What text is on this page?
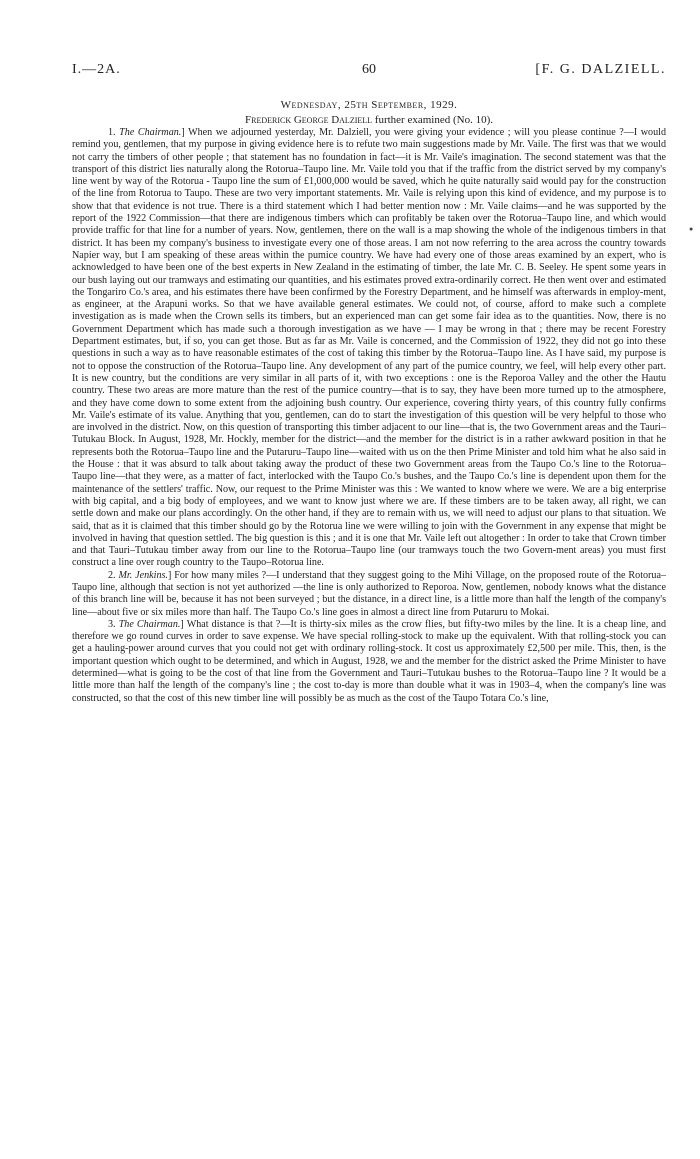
I.—2A.	60	[F. G. DALZIELL.
Wednesday, 25th September, 1929.
Frederick George Dalziell further examined (No. 10).

1. The Chairman.] When we adjourned yesterday, Mr. Dalziell, you were giving your evidence ; will you please continue ?—I would remind you, gentlemen, that my purpose in giving evidence here is to refute two main suggestions made by Mr. Vaile. The first was that we would not carry the timbers of other people ; that statement has no foundation in fact—it is Mr. Vaile's imagination. The second statement was that the transport of this district lies naturally along the Rotorua–Taupo line. Mr. Vaile told you that if the traffic from the district served by my company's line went by way of the Rotorua - Taupo line the sum of £1,000,000 would be saved, which he quite naturally said would pay for the construction of the line from Rotorua to Taupo. These are two very important statements. Mr. Vaile is relying upon this kind of evidence, and my purpose is to show that that evidence is not true. There is a third statement which I had better mention now : Mr. Vaile claims—and he was supported by the report of the 1922 Commission—that there are indigenous timbers which can profitably be taken over the Rotorua–Taupo line, and which would provide traffic for that line for a number of years. Now, gentlemen, there on the wall is a map showing the whole of the indigenous timbers in that district. It has been my company's business to investigate every one of those areas. I am not now referring to the area across the country towards Napier way, but I am speaking of these areas within the pumice country. We have had every one of those areas examined by an expert, who is acknowledged to have been one of the best experts in New Zealand in the estimating of timber, the late Mr. C. B. Seeley. He spent some years in our bush laying out our tramways and estimating our quantities, and his estimates proved extra-ordinarily correct. He then went over and estimated the Tongariro Co.'s area, and his estimates there have been confirmed by the Forestry Department, and he himself was afterwards in employ-ment, as engineer, at the Arapuni works. So that we have available general estimates. We could not, of course, afford to make such a complete investigation as is made when the Crown sells its timbers, but an experienced man can get some fair idea as to the quantities. Now, there is no Government Department which has made such a thorough investigation as we have — I may be wrong in that ; there may be recent Forestry Department estimates, but, if so, you can get those. But as far as Mr. Vaile is concerned, and the Commission of 1922, they did not go into these questions in such a way as to have reasonable estimates of the cost of taking this timber by the Rotorua–Taupo line. As I have said, my purpose is not to oppose the construction of the Rotorua–Taupo line. Any development of any part of the pumice country, we feel, will help every other part. It is new country, but the conditions are very similar in all parts of it, with two exceptions : one is the Reporoa Valley and the other the Hautu country. These two areas are more mature than the rest of the pumice country—that is to say, they have been more turned up to the atmosphere, and they have come down to some extent from the adjoining bush country. Our experience, covering thirty years, of this country fully confirms Mr. Vaile's estimate of its value. Anything that you, gentlemen, can do to start the investigation of this question will be very helpful to those who are involved in the district. Now, on this question of transporting this timber adjacent to our line—that is, the two Government areas and the Tauri–Tutukau Block. In August, 1928, Mr. Hockly, member for the district—and the member for the district is in a rather awkward position in that he represents both the Rotorua–Taupo line and the Putaruru–Taupo line—waited with us on the then Prime Minister and told him what he also said in the House : that it was absurd to talk about taking away the product of these two Government areas from the Taupo Co.'s line to the Rotorua–Taupo line—that they were, as a matter of fact, interlocked with the Taupo Co.'s bushes, and the Taupo Co.'s line is dependent upon them for the maintenance of the settlers' traffic. Now, our request to the Prime Minister was this : We wanted to know where we were. We are a big enterprise with big capital, and a big body of employees, and we want to know just where we are. If these timbers are to be taken away, all right, we can settle down and make our plans accordingly. On the other hand, if they are to remain with us, we will need to adjust our plans to that situation. We said, that as it is claimed that this timber should go by the Rotorua line we were willing to join with the Government in any expense that might be involved in having that question settled. The big question is this ; and it is one that Mr. Vaile left out altogether : In order to take that Crown timber and that Tauri–Tutukau timber away from our line to the Rotorua–Taupo line (our tramways touch the two Govern-ment areas) you must first construct a line over rough country to the Taupo–Rotorua line.

2. Mr. Jenkins.] For how many miles ?—I understand that they suggest going to the Mihi Village, on the proposed route of the Rotorua–Taupo line, although that section is not yet authorized —the line is only authorized to Reporoa. Now, gentlemen, nobody knows what the distance of this branch line will be, because it has not been surveyed ; but the distance, in a direct line, is a little more than half the length of the company's line—about five or six miles more than half. The Taupo Co.'s line goes in almost a direct line from Putaruru to Mokai.

3. The Chairman.] What distance is that ?—It is thirty-six miles as the crow flies, but fifty-two miles by the line. It is a cheap line, and therefore we go round curves in order to save expense. We have special rolling-stock to make up the equivalent. With that rolling-stock you can get a hauling-power around curves that you could not get with ordinary rolling-stock. It cost us approximately £2,500 per mile. This, then, is the important question which ought to be determined, and which in August, 1928, we and the member for the district asked the Prime Minister to have determined—what is going to be the cost of that line from the Government and Tauri–Tutukau bushes to the Rotorua–Taupo line ? It would be a little more than half the length of the company's line ; the cost to-day is more than double what it was in 1903–4, when the company's line was constructed, so that the cost of this new timber line will possibly be as much as the cost of the Taupo Totara Co.'s line,

●
